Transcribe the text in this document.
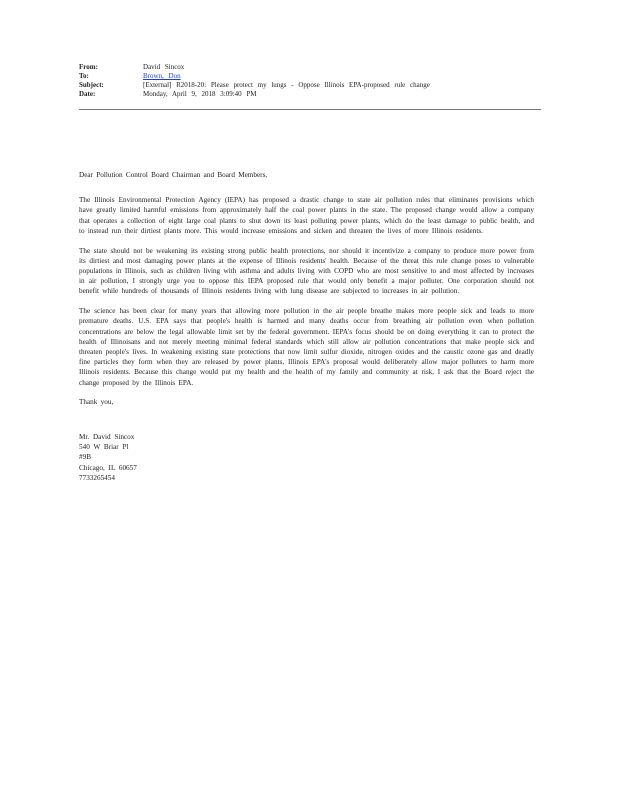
From:	David Sincox
To:	Brown, Don
Subject:	[External] R2018-20: Please protect my lungs - Oppose Illinois EPA-proposed rule change
Date:	Monday, April 9, 2018 3:09:40 PM

Dear Pollution Control Board Chairman and Board Members,

The Illinois Environmental Protection Agency (IEPA) has proposed a drastic change to state air pollution rules that eliminates provisions which have greatly limited harmful emissions from approximately half the coal power plants in the state. The proposed change would allow a company that operates a collection of eight large coal plants to shut down its least polluting power plants, which do the least damage to public health, and to instead run their dirtiest plants more. This would increase emissions and sicken and threaten the lives of more Illinois residents.

The state should not be weakening its existing strong public health protections, nor should it incentivize a company to produce more power from its dirtiest and most damaging power plants at the expense of Illinois residents' health. Because of the threat this rule change poses to vulnerable populations in Illinois, such as children living with asthma and adults living with COPD who are most sensitive to and most affected by increases in air pollution, I strongly urge you to oppose this IEPA proposed rule that would only benefit a major polluter. One corporation should not benefit while hundreds of thousands of Illinois residents living with lung disease are subjected to increases in air pollution.

The science has been clear for many years that allowing more pollution in the air people breathe makes more people sick and leads to more premature deaths. U.S. EPA says that people's health is harmed and many deaths occur from breathing air pollution even when pollution concentrations are below the legal allowable limit set by the federal government. IEPA's focus should be on doing everything it can to protect the health of Illinoisans and not merely meeting minimal federal standards which still allow air pollution concentrations that make people sick and threaten people's lives. In weakening existing state protections that now limit sulfur dioxide, nitrogen oxides and the caustic ozone gas and deadly fine particles they form when they are released by power plants, Illinois EPA's proposal would deliberately allow major polluters to harm more Illinois residents. Because this change would put my health and the health of my family and community at risk, I ask that the Board reject the change proposed by the Illinois EPA.

Thank you,

Mr. David Sincox
540 W Briar Pl
#9B
Chicago, IL 60657
7733265454
